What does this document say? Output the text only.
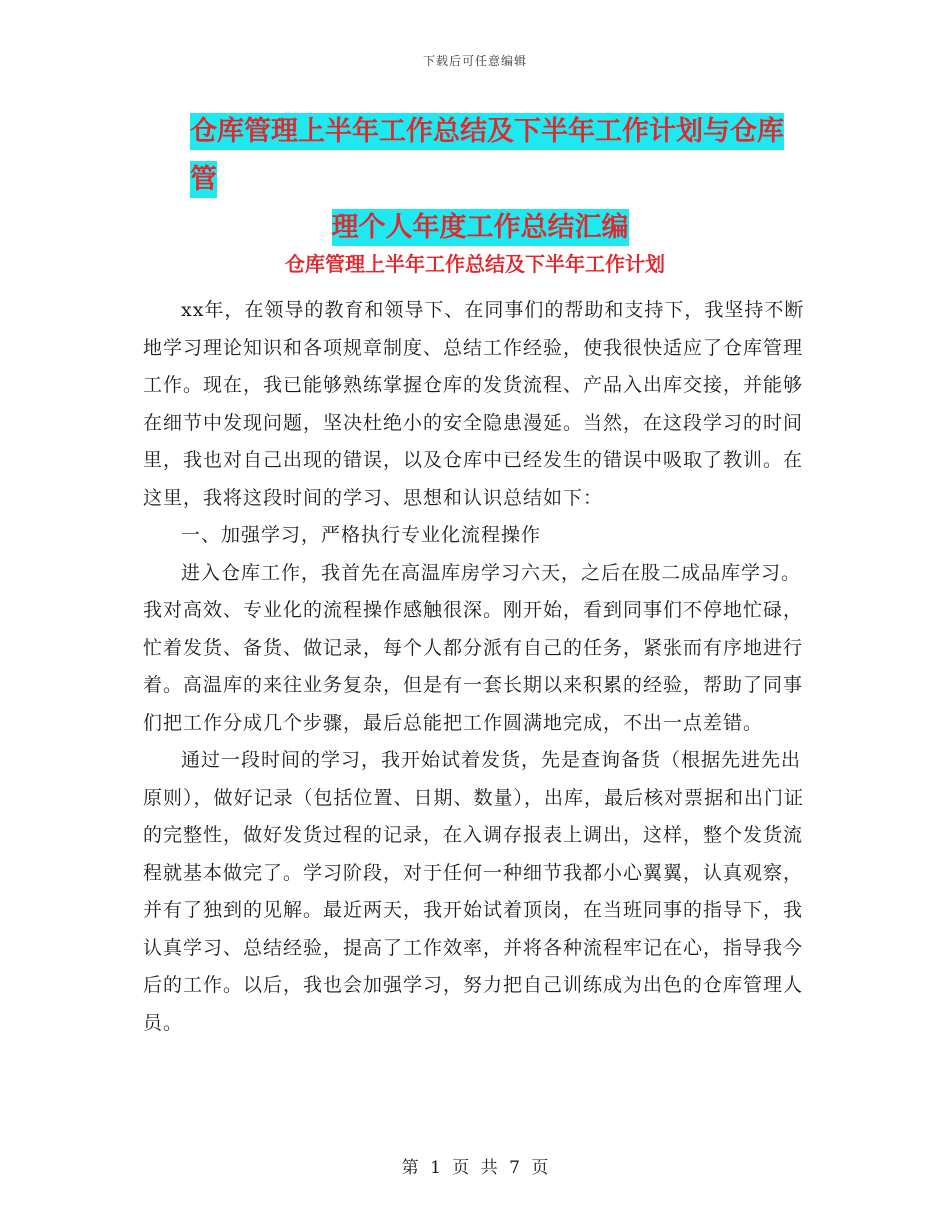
下载后可任意编辑
仓库管理上半年工作总结及下半年工作计划与仓库管
理个人年度工作总结汇编
仓库管理上半年工作总结及下半年工作计划

xx年，在领导的教育和领导下、在同事们的帮助和支持下，我坚持不断地学习理论知识和各项规章制度、总结工作经验，使我很快适应了仓库管理工作。现在，我已能够熟练掌握仓库的发货流程、产品入出库交接，并能够在细节中发现问题，坚决杜绝小的安全隐患漫延。当然，在这段学习的时间里，我也对自己出现的错误，以及仓库中已经发生的错误中吸取了教训。在这里，我将这段时间的学习、思想和认识总结如下：

一、加强学习，严格执行专业化流程操作

进入仓库工作，我首先在高温库房学习六天，之后在股二成品库学习。我对高效、专业化的流程操作感触很深。刚开始，看到同事们不停地忙碌，忙着发货、备货、做记录，每个人都分派有自己的任务，紧张而有序地进行着。高温库的来往业务复杂，但是有一套长期以来积累的经验，帮助了同事们把工作分成几个步骤，最后总能把工作圆满地完成，不出一点差错。

通过一段时间的学习，我开始试着发货，先是查询备货（根据先进先出原则），做好记录（包括位置、日期、数量），出库，最后核对票据和出门证的完整性，做好发货过程的记录，在入调存报表上调出，这样，整个发货流程就基本做完了。学习阶段，对于任何一种细节我都小心翼翼，认真观察，并有了独到的见解。最近两天，我开始试着顶岗，在当班同事的指导下，我认真学习、总结经验，提高了工作效率，并将各种流程牢记在心，指导我今后的工作。以后，我也会加强学习，努力把自己训练成为出色的仓库管理人员。

第 1 页 共 7 页
